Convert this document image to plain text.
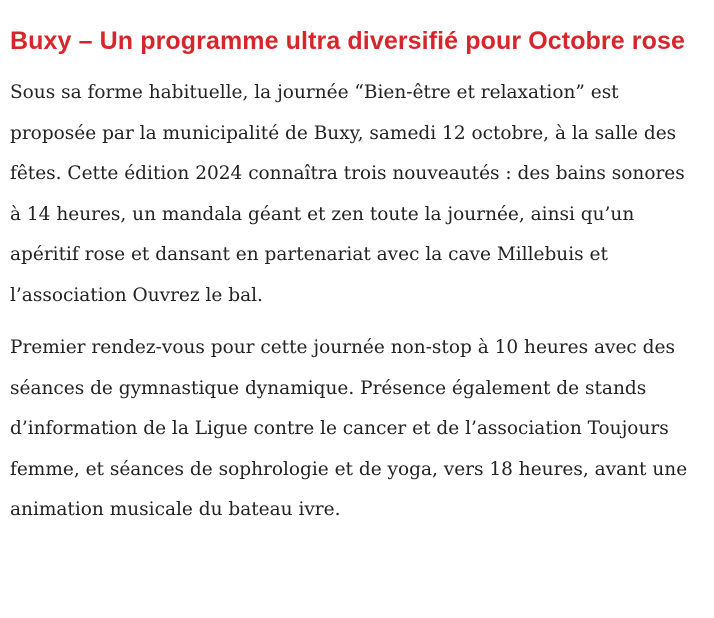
Buxy – Un programme ultra diversifié pour Octobre rose

Sous sa forme habituelle, la journée “Bien-être et relaxation” est proposée par la municipalité de Buxy, samedi 12 octobre, à la salle des fêtes. Cette édition 2024 connaîtra trois nouveautés : des bains sonores à 14 heures, un mandala géant et zen toute la journée, ainsi qu’un apéritif rose et dansant en partenariat avec la cave Millebuis et l’association Ouvrez le bal.

Premier rendez-vous pour cette journée non-stop à 10 heures avec des séances de gymnastique dynamique. Présence également de stands d’information de la Ligue contre le cancer et de l’association Toujours femme, et séances de sophrologie et de yoga, vers 18 heures, avant une animation musicale du bateau ivre.
